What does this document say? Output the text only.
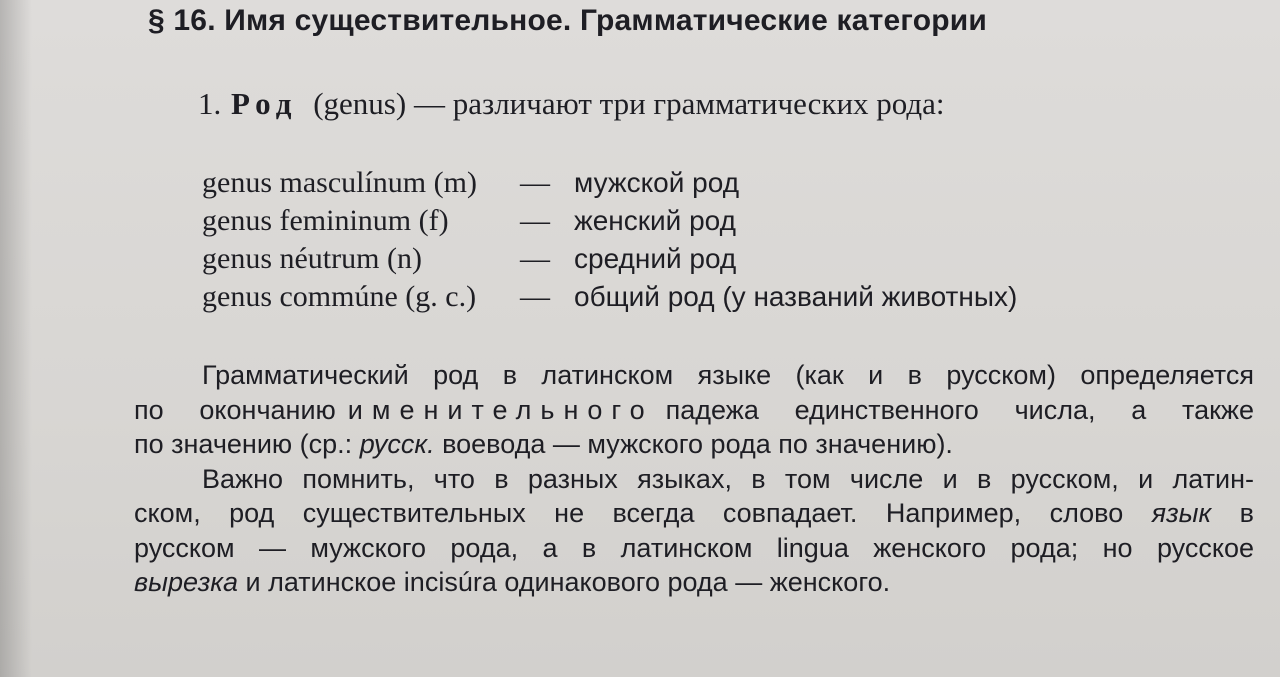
§ 16. Имя существительное. Грамматические категории

1. Род (genus) — различают три грамматических рода:

genus masculínum (m) — мужской род
genus femininum (f) — женский род
genus néutrum (n)	— средний род
genus commúne (g. c.) — общий род (у названий животных)
Грамматический род в латинском языке (как и в русском) определяется
по окончанию именительного падежа единственного числа, а также
по значению (ср.: русск. воевода — мужского рода по значению).
Важно помнить, что в разных языках, в том числе и в русском, и латин-
ском, род существительных не всегда совпадает. Например, слово язык в
русском — мужского рода, а в латинском lingua женского рода; но русское
вырезка и латинское incisúra одинакового рода — женского.
